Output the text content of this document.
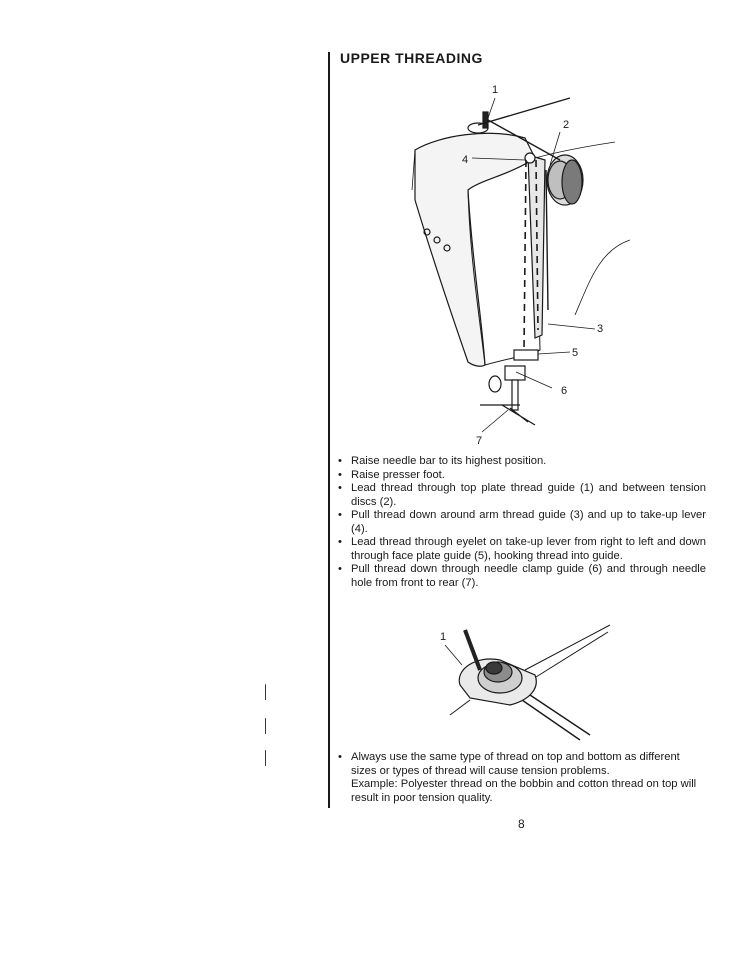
│
│
│
UPPER THREADING
1
2
3
4
5
6
7
• Raise needle bar to its highest position.
• Raise presser foot.
• Lead thread through top plate thread guide (1) and between tension discs (2).
• Pull thread down around arm thread guide (3) and up to take-up lever (4).
• Lead thread through eyelet on take-up lever from right to left and down through face plate guide (5), hooking thread into guide.
• Pull thread down through needle clamp guide (6) and through needle hole from front to rear (7).
1
• Always use the same type of thread on top and bottom as different sizes or types of thread will cause tension problems.
Example: Polyester thread on the bobbin and cotton thread on top will result in poor tension quality.
8
